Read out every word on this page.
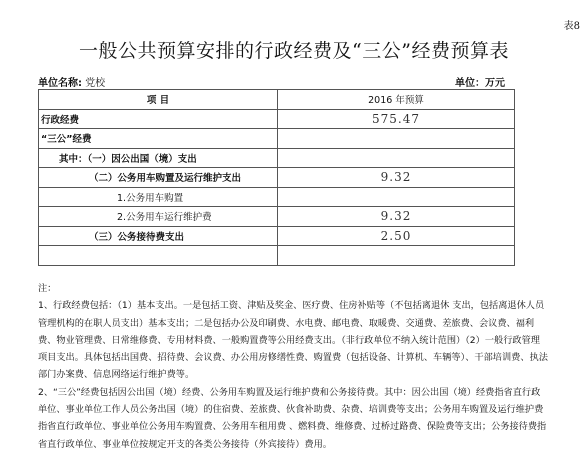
表8
一般公共预算安排的行政经费及“三公”经费预算表
单位名称: 党校	单位：万元
项 目	2016 年预算
行政经费	575.47
“三公”经费	
其中：（一）因公出国（境）支出	
（二）公务用车购置及运行维护支出	9.32
1.公务用车购置	
2.公务用车运行维护费	9.32
（三）公务接待费支出	2.50

注：

1、行政经费包括：（1）基本支出。一是包括工资、津贴及奖金、医疗费、住房补贴等（不包括离退休 支出，包括离退休人员管理机构的在职人员支出）基本支出；二是包括办公及印刷费、水电费、邮电费、取暖费、交通费、差旅费、会议费、福利费、物业管理费、日常维修费、专用材料费、一般购置费等公用经费支出。（非行政单位不纳入统计范围）（2）一般行政管理项目支出。具体包括出国费、招待费、会议费、办公用房修缮性费、购置费（包括设备、计算机、车辆等）、干部培训费、执法部门办案费、信息网络运行维护费等。

2、“三公”经费包括因公出国（境）经费、公务用车购置及运行维护费和公务接待费。其中：因公出国（境）经费指省直行政单位、事业单位工作人员公务出国（境）的住宿费、差旅费、伙食补助费、杂费、培训费等支出；公务用车购置及运行维护费指省直行政单位、事业单位公务用车购置费、公务用车租用费 、燃料费、维修费、过桥过路费、保险费等支出；公务接待费指省直行政单位、事业单位按规定开支的各类公务接待（外宾接待）费用。
